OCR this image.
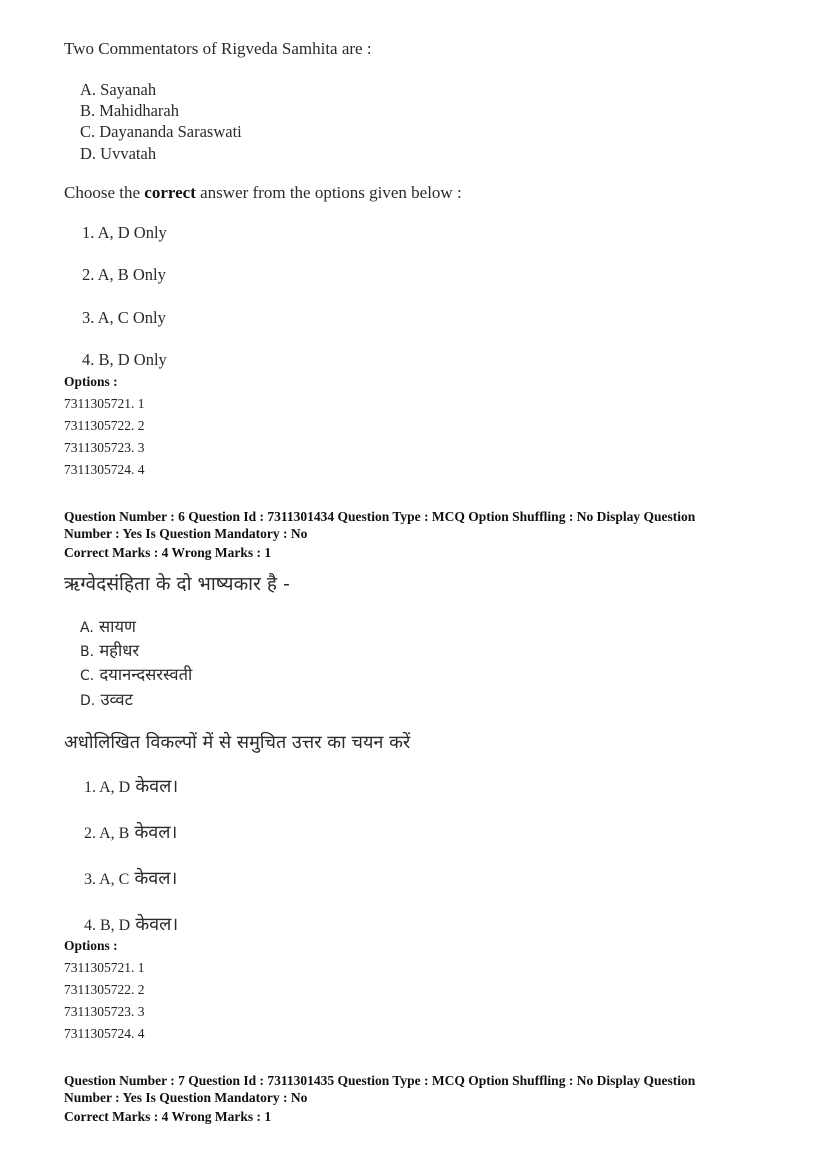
Two Commentators of Rigveda Samhita are :
A. Sayanah
B. Mahidharah
C. Dayananda Saraswati
D. Uvvatah
Choose the correct answer from the options given below :
1. A, D Only
2. A, B Only
3. A, C Only
4. B, D Only
Options :
7311305721. 1
7311305722. 2
7311305723. 3
7311305724. 4
Question Number : 6 Question Id : 7311301434 Question Type : MCQ Option Shuffling : No Display Question
Number : Yes Is Question Mandatory : No
Correct Marks : 4 Wrong Marks : 1
ऋग्वेदसंहिता के दो भाष्यकार है -
A. सायण
B. महीधर
C. दयानन्दसरस्वती
D. उव्वट
अधोलिखित विकल्पों में से समुचित उत्तर का चयन करें
1. A, D केवल।
2. A, B केवल।
3. A, C केवल।
4. B, D केवल।
Options :
7311305721. 1
7311305722. 2
7311305723. 3
7311305724. 4
Question Number : 7 Question Id : 7311301435 Question Type : MCQ Option Shuffling : No Display Question
Number : Yes Is Question Mandatory : No
Correct Marks : 4 Wrong Marks : 1
